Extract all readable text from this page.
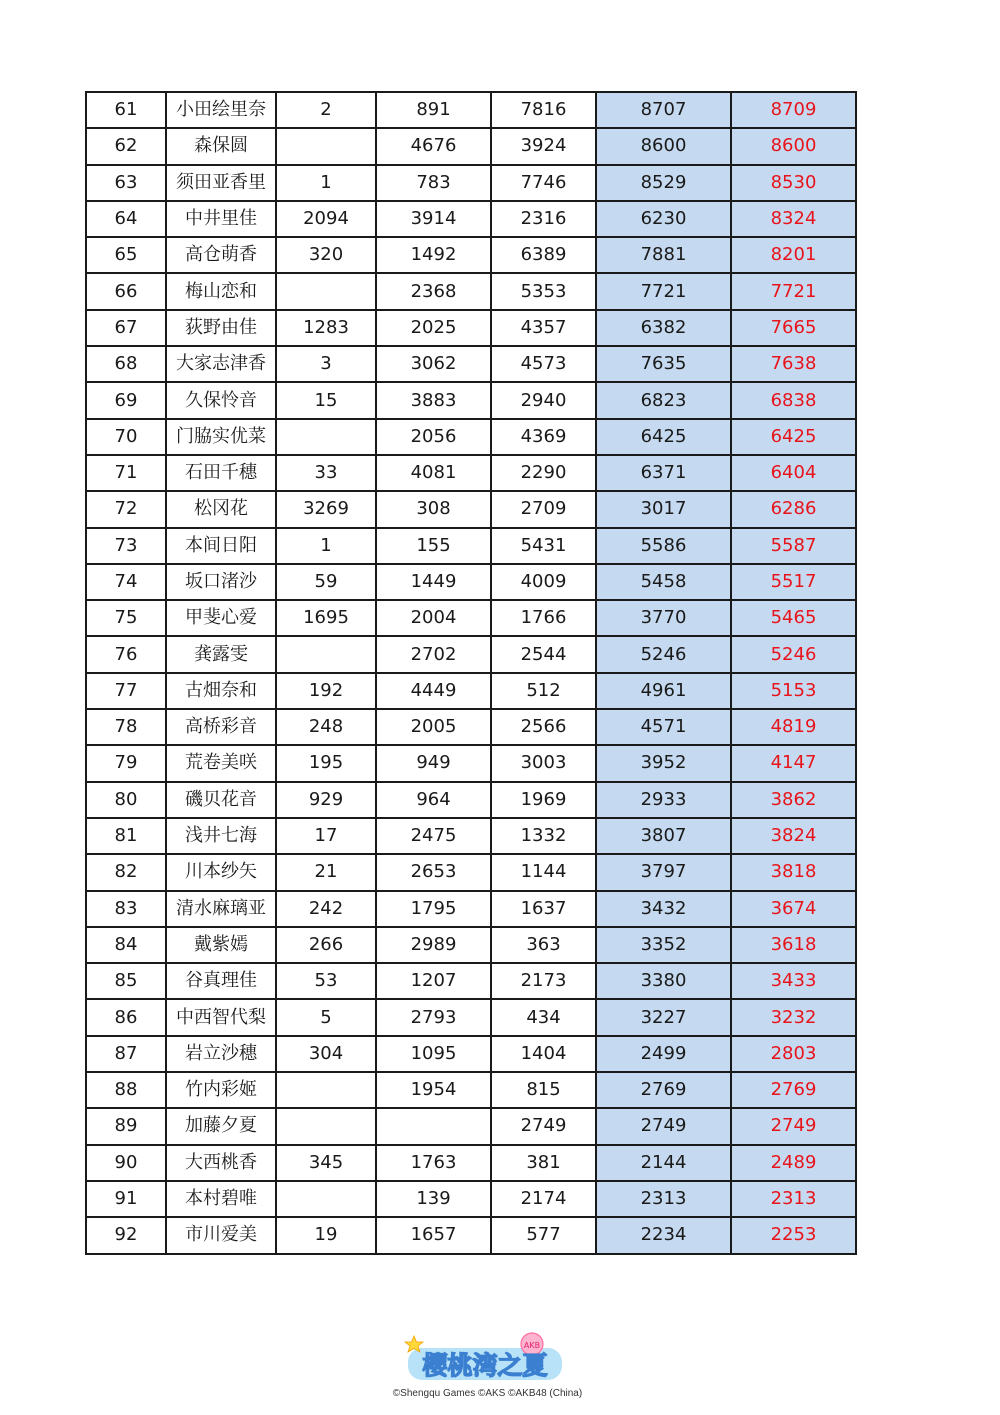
61	小田绘里奈	2	891	7816	8707	8709
62	森保圆		4676	3924	8600	8600
63	须田亚香里	1	783	7746	8529	8530
64	中井里佳	2094	3914	2316	6230	8324
65	高仓萌香	320	1492	6389	7881	8201
66	梅山恋和		2368	5353	7721	7721
67	荻野由佳	1283	2025	4357	6382	7665
68	大家志津香	3	3062	4573	7635	7638
69	久保怜音	15	3883	2940	6823	6838
70	门脇实优菜		2056	4369	6425	6425
71	石田千穗	33	4081	2290	6371	6404
72	松冈花	3269	308	2709	3017	6286
73	本间日阳	1	155	5431	5586	5587
74	坂口渚沙	59	1449	4009	5458	5517
75	甲斐心爱	1695	2004	1766	3770	5465
76	龚露雯		2702	2544	5246	5246
77	古畑奈和	192	4449	512	4961	5153
78	高桥彩音	248	2005	2566	4571	4819
79	荒卷美咲	195	949	3003	3952	4147
80	磯贝花音	929	964	1969	2933	3862
81	浅井七海	17	2475	1332	3807	3824
82	川本纱矢	21	2653	1144	3797	3818
83	清水麻璃亚	242	1795	1637	3432	3674
84	戴紫嫣	266	2989	363	3352	3618
85	谷真理佳	53	1207	2173	3380	3433
86	中西智代梨	5	2793	434	3227	3232
87	岩立沙穗	304	1095	1404	2499	2803
88	竹内彩姬		1954	815	2769	2769
89	加藤夕夏			2749	2749	2749
90	大西桃香	345	1763	381	2144	2489
91	本村碧唯		139	2174	2313	2313
92	市川爱美	19	1657	577	2234	2253
AKB
樱桃湾之夏
©Shengqu Games ©AKS ©AKB48 (China)
